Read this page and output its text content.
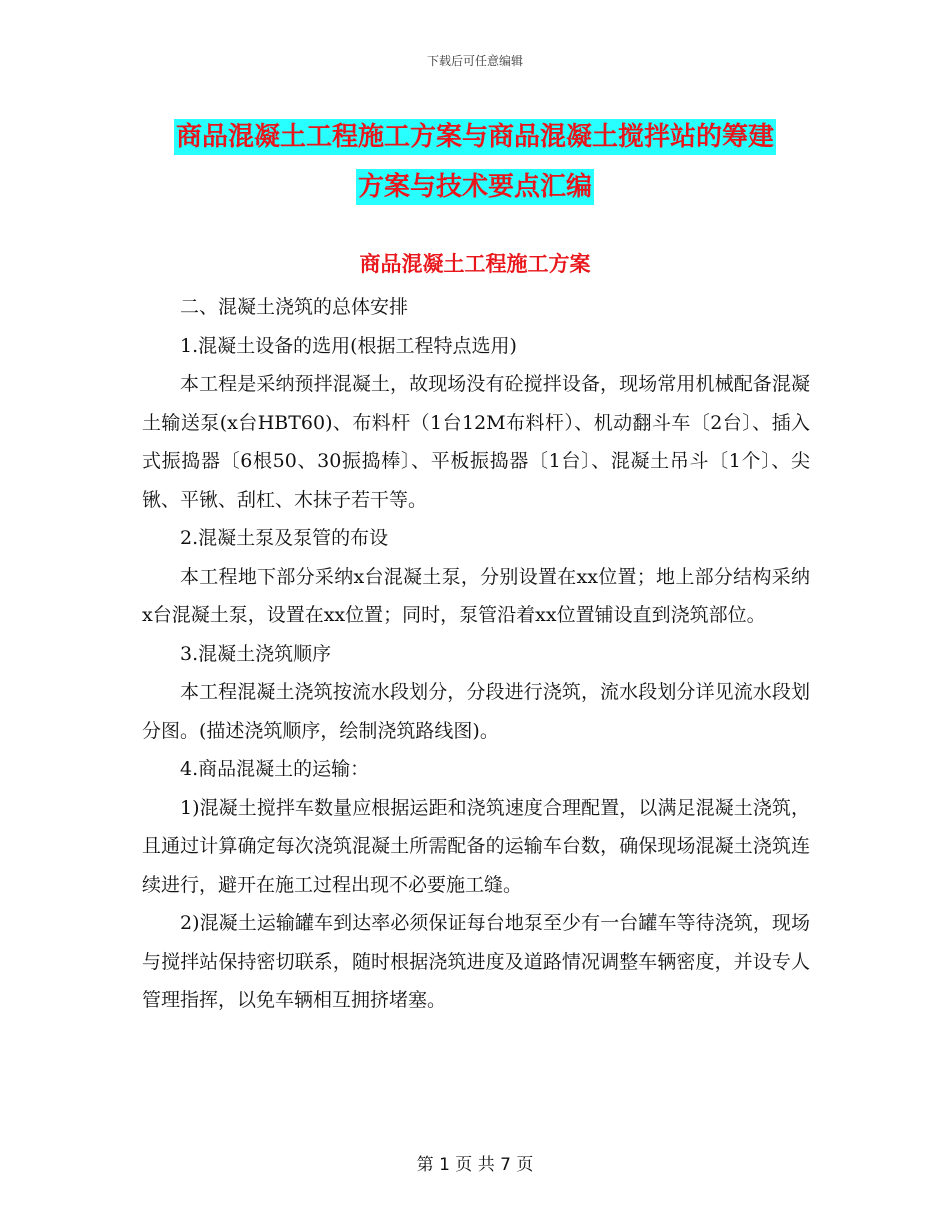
下载后可任意编辑
商品混凝土工程施工方案与商品混凝土搅拌站的筹建
方案与技术要点汇编
商品混凝土工程施工方案

二、混凝土浇筑的总体安排

1.混凝土设备的选用(根据工程特点选用)

本工程是采纳预拌混凝土，故现场没有砼搅拌设备，现场常用机械配备混凝土输送泵(x台HBT60)、布料杆（1台12M布料杆）、机动翻斗车〔2台〕、插入式振捣器〔6根50、30振捣棒〕、平板振捣器〔1台〕、混凝土吊斗〔1个〕、尖锹、平锹、刮杠、木抹子若干等。

2.混凝土泵及泵管的布设

本工程地下部分采纳x台混凝土泵，分别设置在xx位置；地上部分结构采纳x台混凝土泵，设置在xx位置；同时，泵管沿着xx位置铺设直到浇筑部位。

3.混凝土浇筑顺序

本工程混凝土浇筑按流水段划分，分段进行浇筑，流水段划分详见流水段划分图。(描述浇筑顺序，绘制浇筑路线图)。

4.商品混凝土的运输：

1)混凝土搅拌车数量应根据运距和浇筑速度合理配置，以满足混凝土浇筑，且通过计算确定每次浇筑混凝土所需配备的运输车台数，确保现场混凝土浇筑连续进行，避开在施工过程出现不必要施工缝。

2)混凝土运输罐车到达率必须保证每台地泵至少有一台罐车等待浇筑，现场与搅拌站保持密切联系，随时根据浇筑进度及道路情况调整车辆密度，并设专人管理指挥，以免车辆相互拥挤堵塞。

第 1 页 共 7 页
